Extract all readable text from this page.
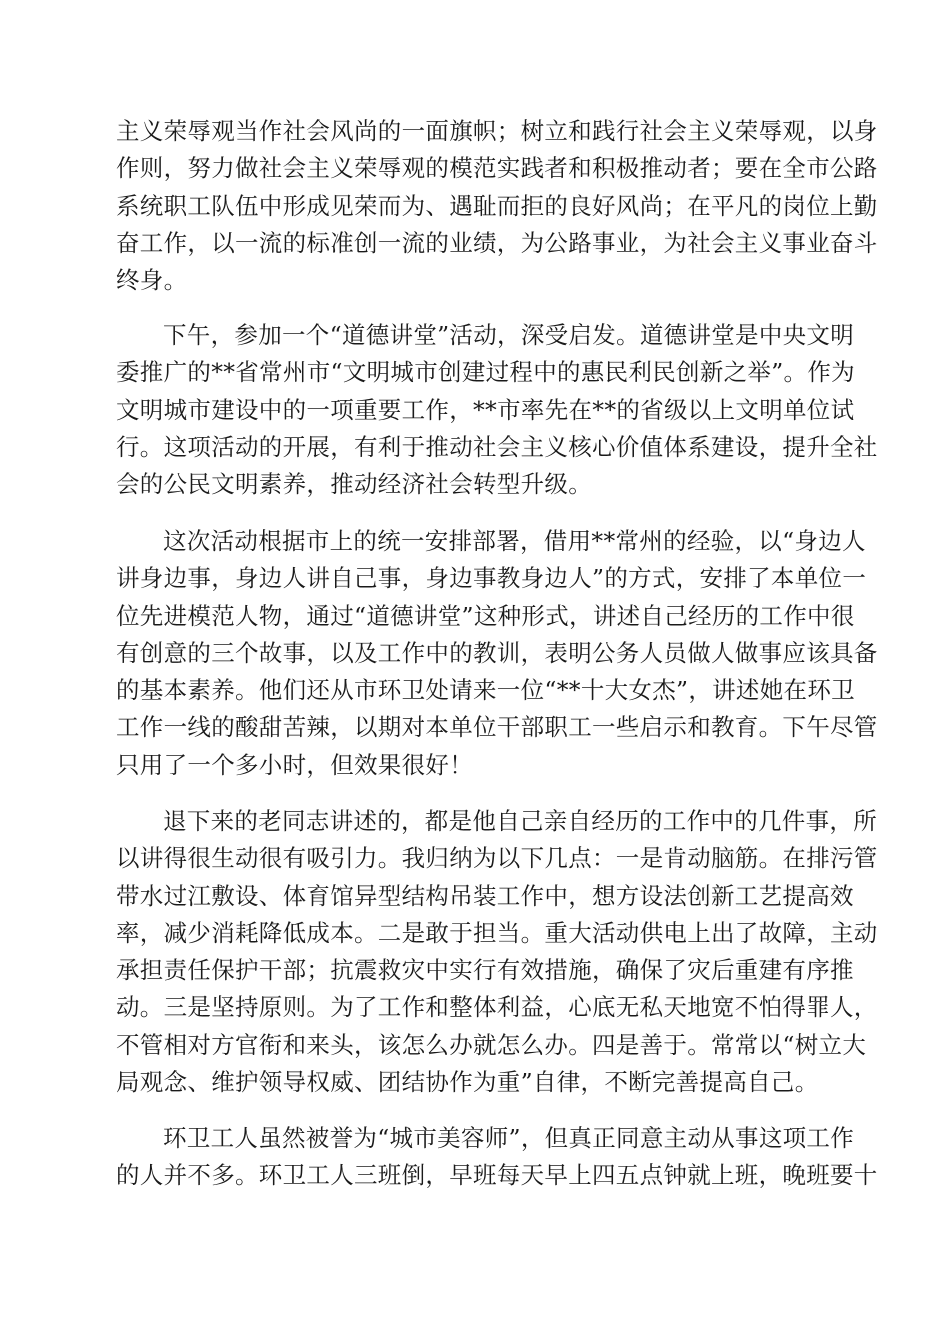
主义荣辱观当作社会风尚的一面旗帜；树立和践行社会主义荣辱观，以身
作则，努力做社会主义荣辱观的模范实践者和积极推动者；要在全市公路
系统职工队伍中形成见荣而为、遇耻而拒的良好风尚；在平凡的岗位上勤
奋工作，以一流的标准创一流的业绩，为公路事业，为社会主义事业奋斗
终身。
下午，参加一个“道德讲堂”活动，深受启发。道德讲堂是中央文明
委推广的**省常州市“文明城市创建过程中的惠民利民创新之举”。作为
文明城市建设中的一项重要工作，**市率先在**的省级以上文明单位试
行。这项活动的开展，有利于推动社会主义核心价值体系建设，提升全社
会的公民文明素养，推动经济社会转型升级。
这次活动根据市上的统一安排部署，借用**常州的经验，以“身边人
讲身边事，身边人讲自己事，身边事教身边人”的方式，安排了本单位一
位先进模范人物，通过“道德讲堂”这种形式，讲述自己经历的工作中很
有创意的三个故事，以及工作中的教训，表明公务人员做人做事应该具备
的基本素养。他们还从市环卫处请来一位“**十大女杰”，讲述她在环卫
工作一线的酸甜苦辣，以期对本单位干部职工一些启示和教育。下午尽管
只用了一个多小时，但效果很好！
退下来的老同志讲述的，都是他自己亲自经历的工作中的几件事，所
以讲得很生动很有吸引力。我归纳为以下几点：一是肯动脑筋。在排污管
带水过江敷设、体育馆异型结构吊装工作中，想方设法创新工艺提高效
率，减少消耗降低成本。二是敢于担当。重大活动供电上出了故障，主动
承担责任保护干部；抗震救灾中实行有效措施，确保了灾后重建有序推
动。三是坚持原则。为了工作和整体利益，心底无私天地宽不怕得罪人，
不管相对方官衔和来头，该怎么办就怎么办。四是善于。常常以“树立大
局观念、维护领导权威、团结协作为重”自律，不断完善提高自己。
环卫工人虽然被誉为“城市美容师”，但真正同意主动从事这项工作
的人并不多。环卫工人三班倒，早班每天早上四五点钟就上班，晚班要十
